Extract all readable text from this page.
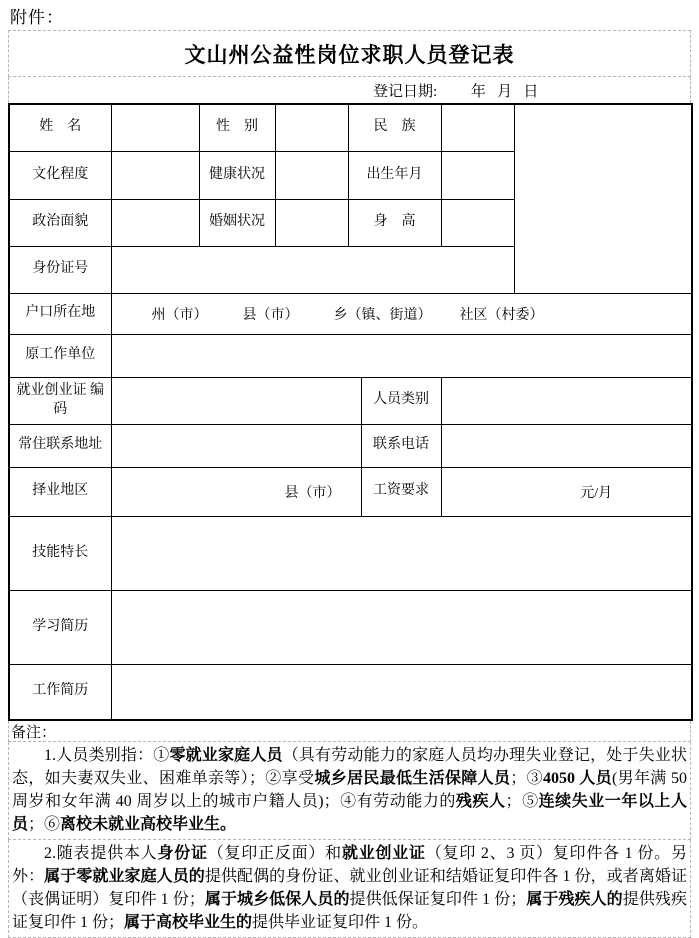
附件：
文山州公益性岗位求职人员登记表
登记日期:         年   月   日
姓　名		性　别		民　族			
文化程度		健康状况		出生年月			
政治面貌		婚姻状况		身　高			
身份证号							
户口所在地	州（市）          县（市）          乡（镇、街道）        社区（村委）						
原工作单位							
就业创业证 编码					人员类别		
常住联系地址					联系电话		
择业地区	县（市）				工资要求	元/月	
技能特长							
学习简历							
工作简历							
备注：
1.人员类别指：①零就业家庭人员（具有劳动能力的家庭人员均办理失业登记，处于失业状态，如夫妻双失业、困难单亲等）；②享受城乡居民最低生活保障人员；③4050 人员(男年满 50 周岁和女年满 40 周岁以上的城市户籍人员)；④有劳动能力的残疾人；⑤连续失业一年以上人员；⑥离校未就业高校毕业生。
2.随表提供本人身份证（复印正反面）和就业创业证（复印 2、3 页）复印件各 1 份。另外：属于零就业家庭人员的提供配偶的身份证、就业创业证和结婚证复印件各 1 份，或者离婚证（丧偶证明）复印件 1 份；属于城乡低保人员的提供低保证复印件 1 份；属于残疾人的提供残疾证复印件 1 份；属于高校毕业生的提供毕业证复印件 1 份。
